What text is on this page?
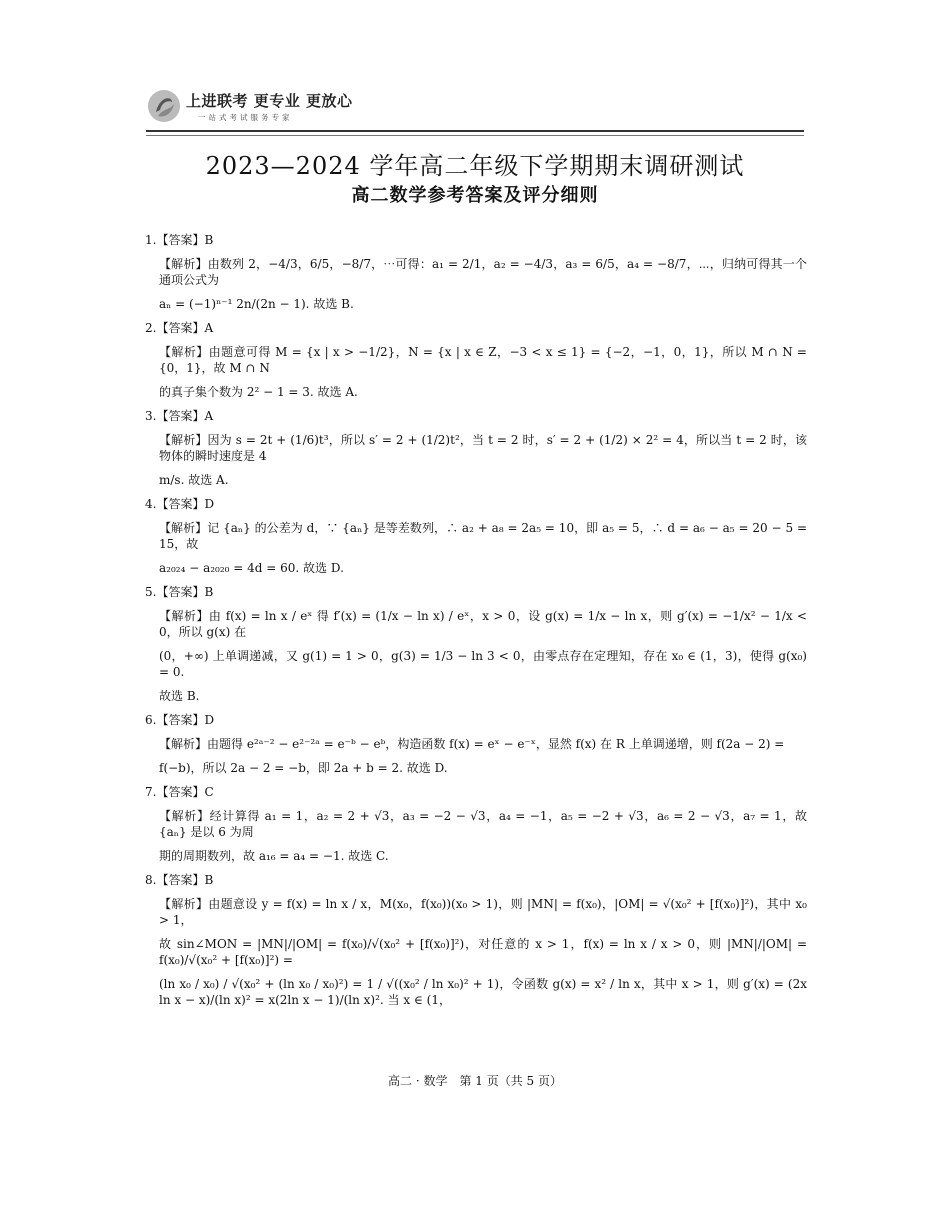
上进联考 更专业 更放心
一站式考试服务专家
2023—2024 学年高二年级下学期期末调研测试
高二数学参考答案及评分细则
1.【答案】B
【解析】由数列 2，−4/3，6/5，−8/7，⋯可得：a₁ = 2/1，a₂ = −4/3，a₃ = 6/5，a₄ = −8/7，⋯，归纳可得其一个通项公式为
aₙ = (−1)ⁿ⁻¹ 2n/(2n − 1). 故选 B.
2.【答案】A
【解析】由题意可得 M = {x | x > −1/2}，N = {x | x ∈ Z，−3 < x ≤ 1} = {−2，−1，0，1}，所以 M ∩ N = {0，1}，故 M ∩ N
的真子集个数为 2² − 1 = 3. 故选 A.
3.【答案】A
【解析】因为 s = 2t + (1/6)t³，所以 s′ = 2 + (1/2)t²，当 t = 2 时，s′ = 2 + (1/2) × 2² = 4，所以当 t = 2 时，该物体的瞬时速度是 4
m/s. 故选 A.
4.【答案】D
【解析】记 {aₙ} 的公差为 d，∵ {aₙ} 是等差数列，∴ a₂ + a₈ = 2a₅ = 10，即 a₅ = 5，∴ d = a₆ − a₅ = 20 − 5 = 15，故
a₂₀₂₄ − a₂₀₂₀ = 4d = 60. 故选 D.
5.【答案】B
【解析】由 f(x) = ln x / eˣ 得 f′(x) = (1/x − ln x) / eˣ，x > 0，设 g(x) = 1/x − ln x，则 g′(x) = −1/x² − 1/x < 0，所以 g(x) 在
(0，+∞) 上单调递减，又 g(1) = 1 > 0，g(3) = 1/3 − ln 3 < 0，由零点存在定理知，存在 x₀ ∈ (1，3)，使得 g(x₀) = 0.
故选 B.
6.【答案】D
【解析】由题得 e²ᵃ⁻² − e²⁻²ᵃ = e⁻ᵇ − eᵇ，构造函数 f(x) = eˣ − e⁻ˣ，显然 f(x) 在 R 上单调递增，则 f(2a − 2) =
f(−b)，所以 2a − 2 = −b，即 2a + b = 2. 故选 D.
7.【答案】C
【解析】经计算得 a₁ = 1，a₂ = 2 + √3，a₃ = −2 − √3，a₄ = −1，a₅ = −2 + √3，a₆ = 2 − √3，a₇ = 1，故 {aₙ} 是以 6 为周
期的周期数列，故 a₁₆ = a₄ = −1. 故选 C.
8.【答案】B
【解析】由题意设 y = f(x) = ln x / x，M(x₀，f(x₀))(x₀ > 1)，则 |MN| = f(x₀)，|OM| = √(x₀² + [f(x₀)]²)，其中 x₀ > 1，
故 sin∠MON = |MN|/|OM| = f(x₀)/√(x₀² + [f(x₀)]²)，对任意的 x > 1，f(x) = ln x / x > 0，则 |MN|/|OM| = f(x₀)/√(x₀² + [f(x₀)]²) =
(ln x₀ / x₀) / √(x₀² + (ln x₀ / x₀)²) = 1 / √((x₀² / ln x₀)² + 1)，令函数 g(x) = x² / ln x，其中 x > 1，则 g′(x) = (2x ln x − x)/(ln x)² = x(2ln x − 1)/(ln x)². 当 x ∈ (1，
高二 · 数学　第 1 页（共 5 页）
